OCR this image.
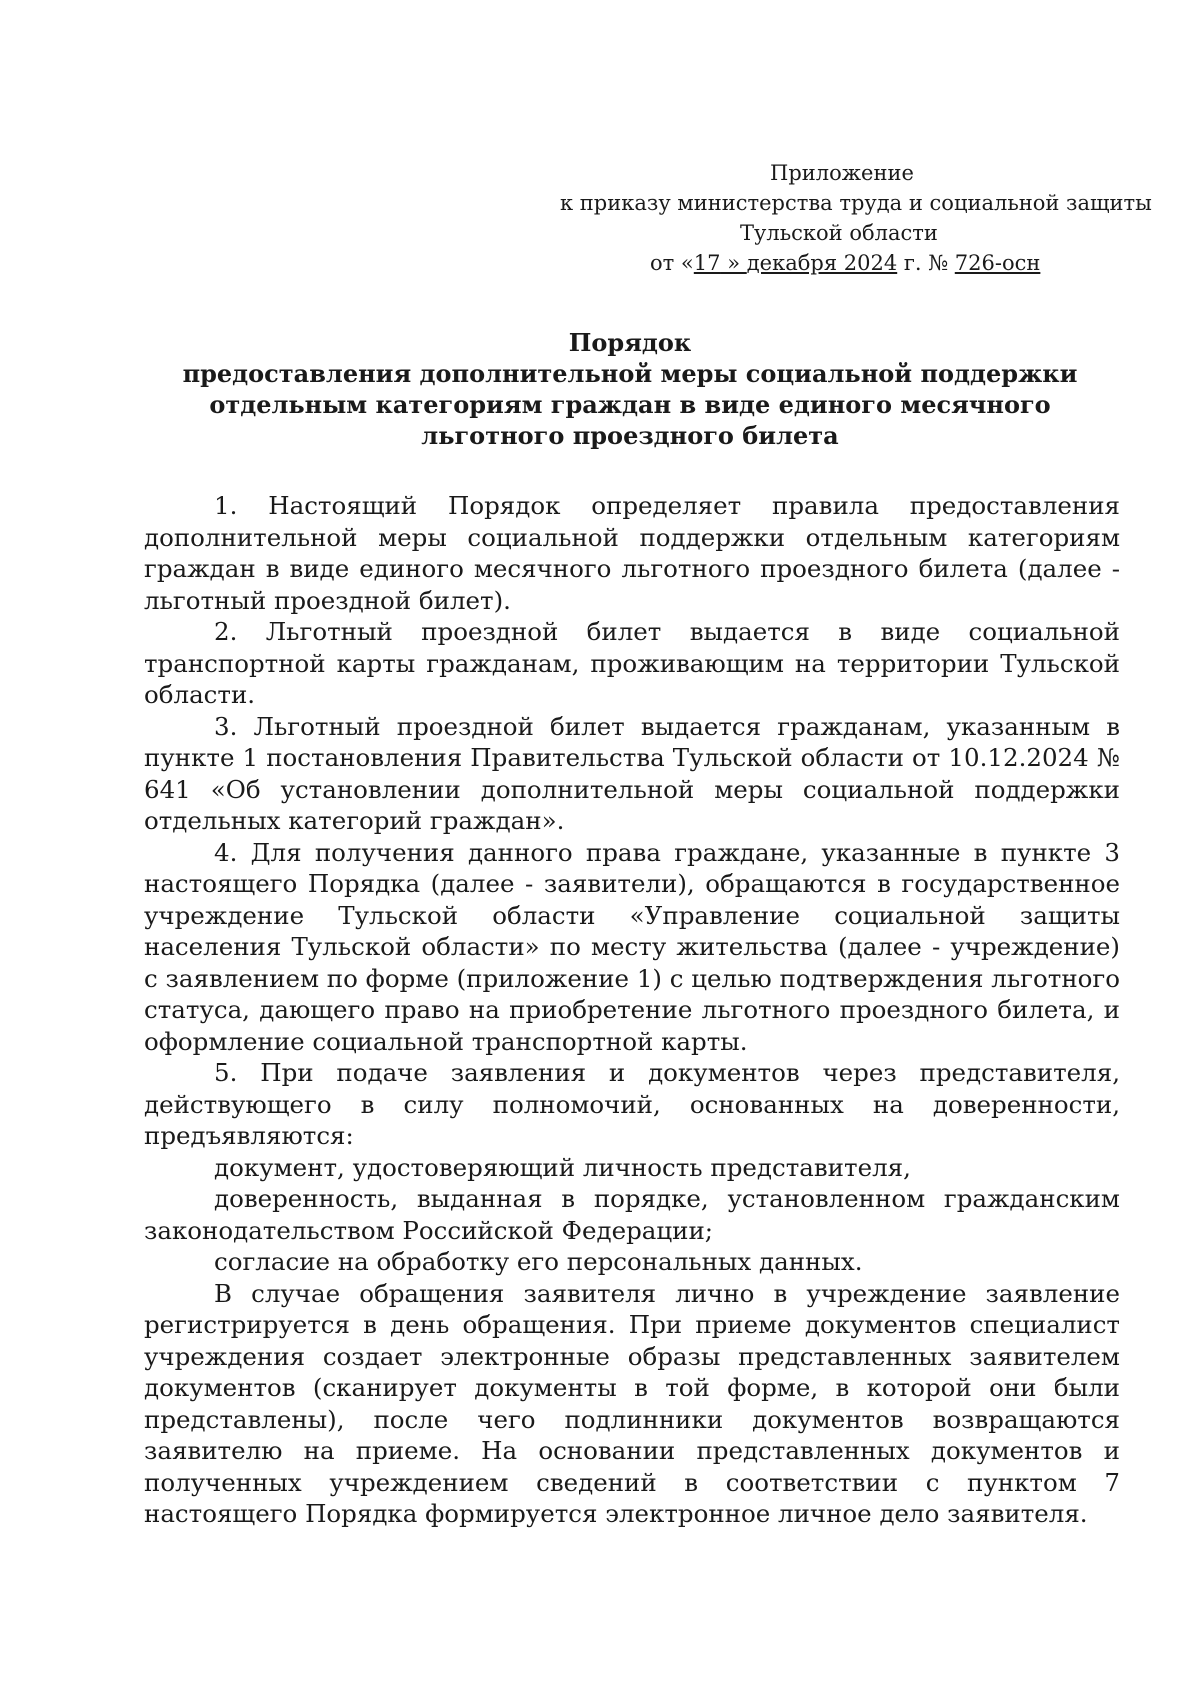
Приложение
к приказу министерства труда и социальной защиты
Тульской области
от «17 » декабря 2024 г. № 726-осн
Порядок
предоставления дополнительной меры социальной поддержки
отдельным категориям граждан в виде единого месячного
льготного проездного билета

1. Настоящий Порядок определяет правила предоставления дополнительной меры социальной поддержки отдельным категориям граждан в виде единого месячного льготного проездного билета (далее - льготный проездной билет).

2. Льготный проездной билет выдается в виде социальной транспортной карты гражданам, проживающим на территории Тульской области.

3. Льготный проездной билет выдается гражданам, указанным в пункте 1 постановления Правительства Тульской области от 10.12.2024 № 641 «Об установлении дополнительной меры социальной поддержки отдельных категорий граждан».

4. Для получения данного права граждане, указанные в пункте 3 настоящего Порядка (далее - заявители), обращаются в государственное учреждение Тульской области «Управление социальной защиты населения Тульской области» по месту жительства (далее - учреждение) с заявлением по форме (приложение 1) с целью подтверждения льготного статуса, дающего право на приобретение льготного проездного билета, и оформление социальной транспортной карты.

5. При подаче заявления и документов через представителя, действующего в силу полномочий, основанных на доверенности, предъявляются:

документ, удостоверяющий личность представителя,

доверенность, выданная в порядке, установленном гражданским законодательством Российской Федерации;

согласие на обработку его персональных данных.

В случае обращения заявителя лично в учреждение заявление регистрируется в день обращения. При приеме документов специалист учреждения создает электронные образы представленных заявителем документов (сканирует документы в той форме, в которой они были представлены), после чего подлинники документов возвращаются заявителю на приеме. На основании представленных документов и полученных учреждением сведений в соответствии с пунктом 7 настоящего Порядка формируется электронное личное дело заявителя.
